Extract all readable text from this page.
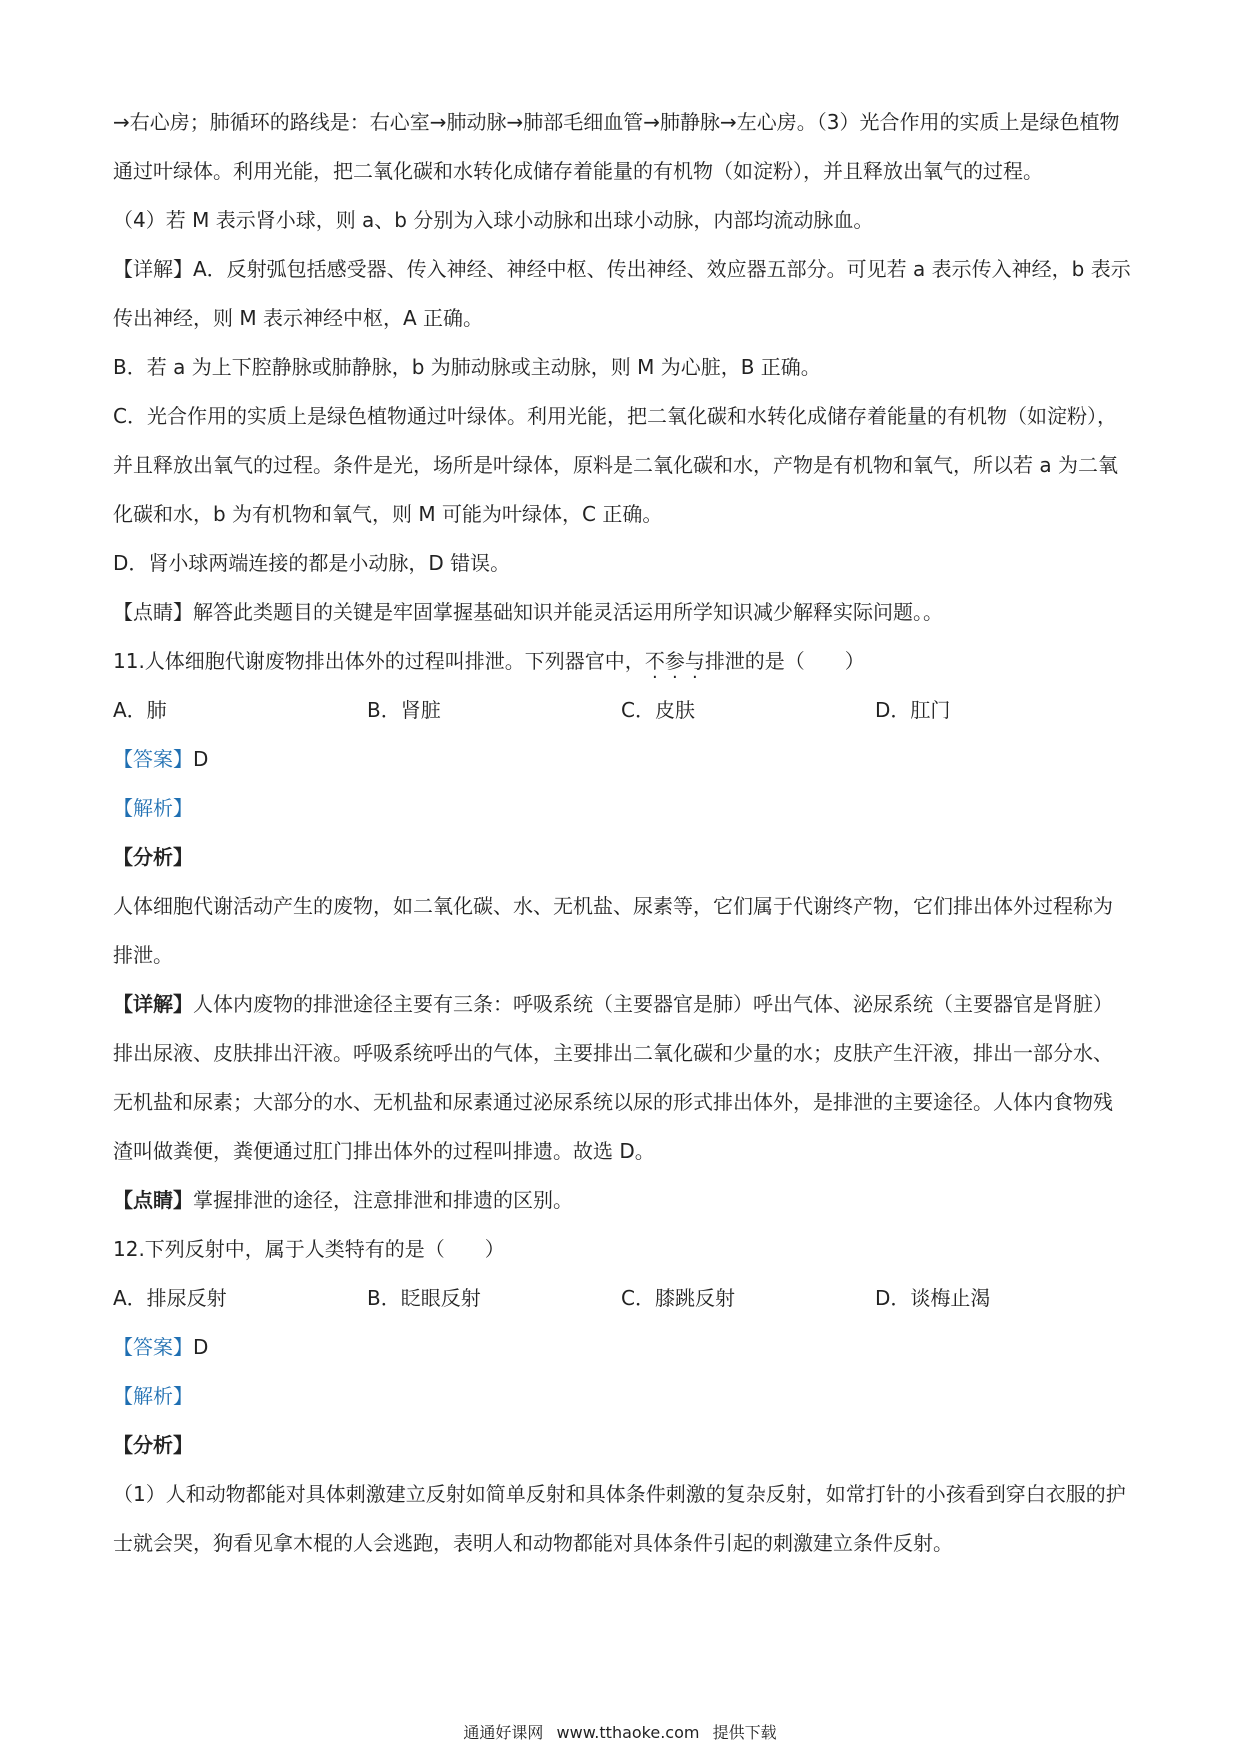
→右心房；肺循环的路线是：右心室→肺动脉→肺部毛细血管→肺静脉→左心房。（3）光合作用的实质上是绿色植物通过叶绿体。利用光能，把二氧化碳和水转化成储存着能量的有机物（如淀粉），并且释放出氧气的过程。

（4）若 M 表示肾小球，则 a、b 分别为入球小动脉和出球小动脉，内部均流动脉血。

【详解】A．反射弧包括感受器、传入神经、神经中枢、传出神经、效应器五部分。可见若 a 表示传入神经，b 表示传出神经，则 M 表示神经中枢，A 正确。

B．若 a 为上下腔静脉或肺静脉，b 为肺动脉或主动脉，则 M 为心脏，B 正确。

C．光合作用的实质上是绿色植物通过叶绿体。利用光能，把二氧化碳和水转化成储存着能量的有机物（如淀粉），并且释放出氧气的过程。条件是光，场所是叶绿体，原料是二氧化碳和水，产物是有机物和氧气，所以若 a 为二氧化碳和水，b 为有机物和氧气，则 M 可能为叶绿体，C 正确。

D．肾小球两端连接的都是小动脉，D 错误。

【点睛】解答此类题目的关键是牢固掌握基础知识并能灵活运用所学知识减少解释实际问题。。

11.人体细胞代谢废物排出体外的过程叫排泄。下列器官中，不参与排泄的是（　　）

A．肺	B．肾脏	C．皮肤	D．肛门

【答案】D

【解析】

【分析】

人体细胞代谢活动产生的废物，如二氧化碳、水、无机盐、尿素等，它们属于代谢终产物，它们排出体外过程称为排泄。

【详解】人体内废物的排泄途径主要有三条：呼吸系统（主要器官是肺）呼出气体、泌尿系统（主要器官是肾脏）排出尿液、皮肤排出汗液。呼吸系统呼出的气体，主要排出二氧化碳和少量的水；皮肤产生汗液，排出一部分水、无机盐和尿素；大部分的水、无机盐和尿素通过泌尿系统以尿的形式排出体外，是排泄的主要途径。人体内食物残渣叫做粪便，粪便通过肛门排出体外的过程叫排遗。故选 D。

【点睛】掌握排泄的途径，注意排泄和排遗的区别。

12.下列反射中，属于人类特有的是（　　）

A．排尿反射	B．眨眼反射	C．膝跳反射	D．谈梅止渴

【答案】D

【解析】

【分析】

（1）人和动物都能对具体刺激建立反射如简单反射和具体条件刺激的复杂反射，如常打针的小孩看到穿白衣服的护士就会哭，狗看见拿木棍的人会逃跑，表明人和动物都能对具体条件引起的刺激建立条件反射。

通通好课网 www.tthaoke.com 提供下载
